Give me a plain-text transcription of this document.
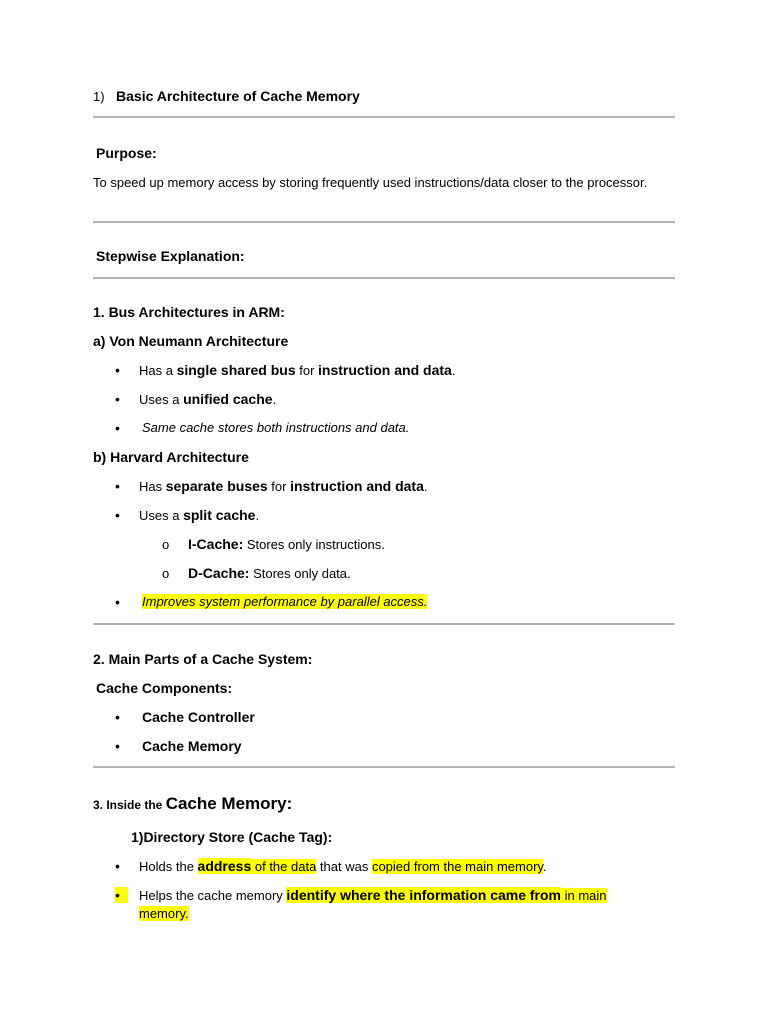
1) Basic Architecture of Cache Memory
Purpose:
To speed up memory access by storing frequently used instructions/data closer to the processor.
Stepwise Explanation:
1. Bus Architectures in ARM:
a) Von Neumann Architecture
• Has a single shared bus for instruction and data.
• Uses a unified cache.
• Same cache stores both instructions and data.
b) Harvard Architecture
• Has separate buses for instruction and data.
• Uses a split cache.
o I-Cache: Stores only instructions.
o D-Cache: Stores only data.
• Improves system performance by parallel access.
2. Main Parts of a Cache System:
Cache Components:
• Cache Controller
• Cache Memory
3. Inside the Cache Memory:
1)Directory Store (Cache Tag):
• Holds the address of the data that was copied from the main memory.
•	Helps the cache memory identify where the information came from in main
memory.
